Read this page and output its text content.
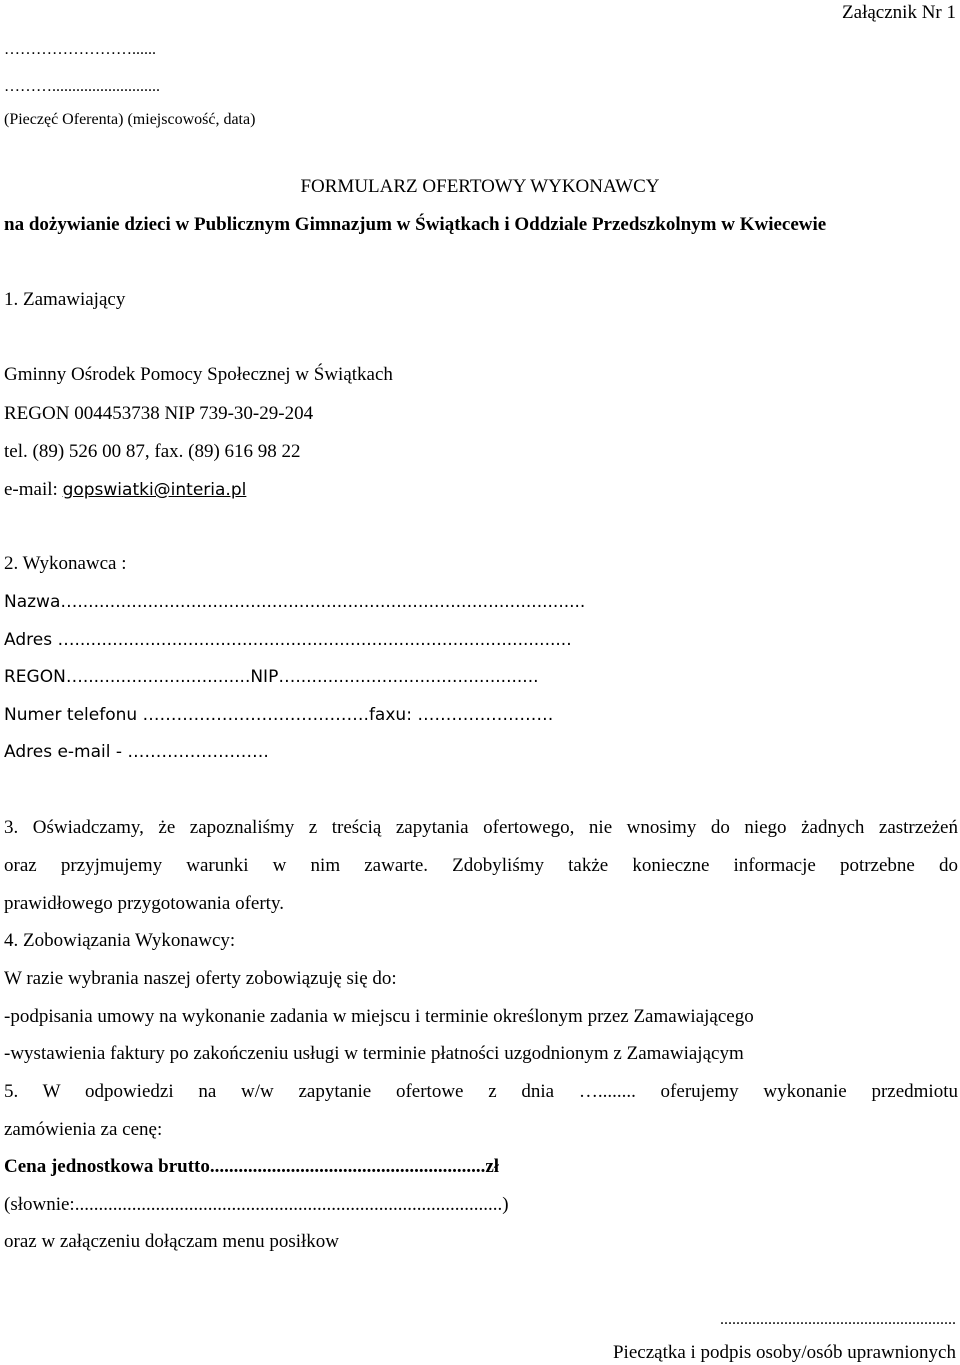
Załącznik Nr 1
……………………......
………...........................
(Pieczęć Oferenta) (miejscowość, data)
FORMULARZ OFERTOWY WYKONAWCY
na dożywianie dzieci w Publicznym Gimnazjum w Świątkach i Oddziale Przedszkolnym w Kwiecewie
1. Zamawiający
Gminny Ośrodek Pomocy Społecznej w Świątkach
REGON 004453738 NIP 739-30-29-204
tel. (89) 526 00 87, fax. (89) 616 98 22
e-mail: gopswiatki@interia.pl
2. Wykonawca :
Nazwa…..............................................................................................
Adres …............................................................................................
REGON…...............................NIP….............................................
Numer telefonu ………………………………….faxu: ……………………
Adres e-mail - …………………….
3. Oświadczamy, że zapoznaliśmy z treścią zapytania ofertowego, nie wnosimy do niego żadnych zastrzeżeń
oraz przyjmujemy warunki w nim zawarte. Zdobyliśmy także konieczne informacje potrzebne do
prawidłowego przygotowania oferty.
4. Zobowiązania Wykonawcy:
W razie wybrania naszej oferty zobowiązuję się do:
-podpisania umowy na wykonanie zadania w miejscu i terminie określonym przez Zamawiającego
-wystawienia faktury po zakończeniu usługi w terminie płatności uzgodnionym z Zamawiającym
5. W odpowiedzi na w/w zapytanie ofertowe z dnia …........ oferujemy wykonanie przedmiotu
zamówienia za cenę:
Cena jednostkowa brutto..........................................................zł
(słownie:..........................................................................................)
oraz w załączeniu dołączam menu posiłkow
...........................................................
Pieczątka i podpis osoby/osób uprawnionych
